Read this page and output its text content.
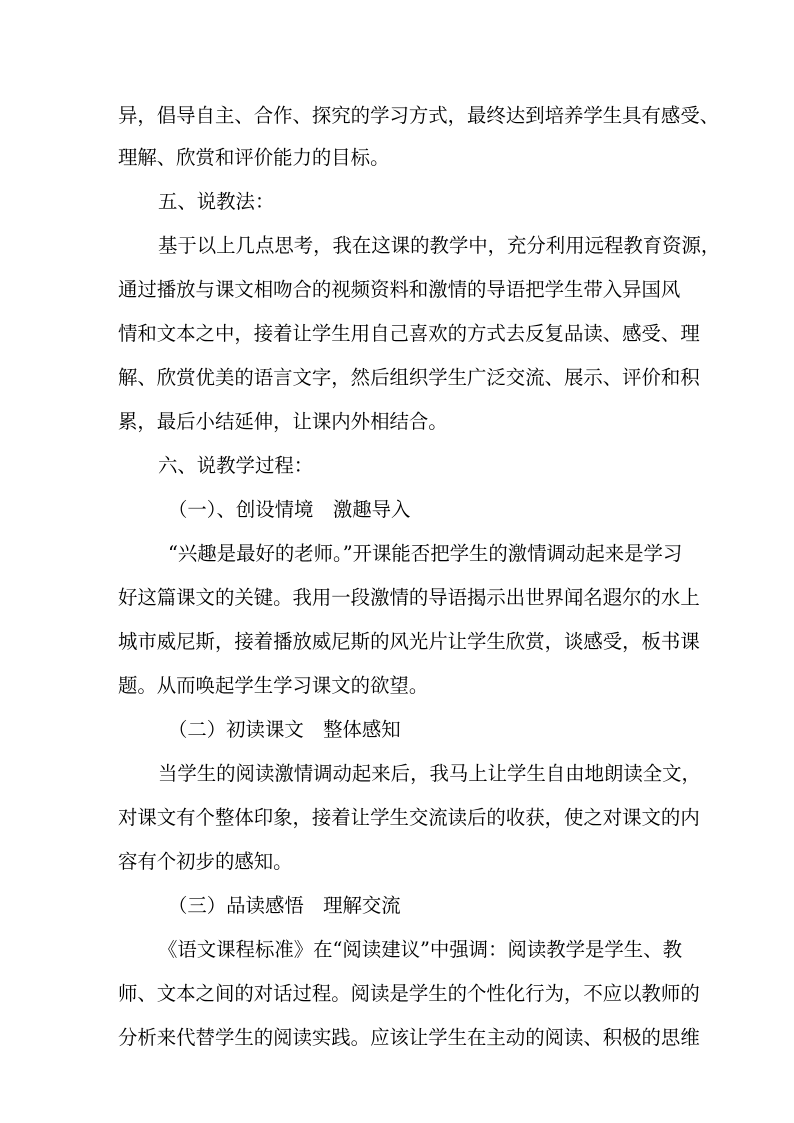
异，倡导自主、合作、探究的学习方式，最终达到培养学生具有感受、
理解、欣赏和评价能力的目标。
五、说教法：
基于以上几点思考，我在这课的教学中，充分利用远程教育资源，
通过播放与课文相吻合的视频资料和激情的导语把学生带入异国风
情和文本之中，接着让学生用自己喜欢的方式去反复品读、感受、理
解、欣赏优美的语言文字，然后组织学生广泛交流、展示、评价和积
累，最后小结延伸，让课内外相结合。
六、说教学过程：
（一）、创设情境　激趣导入
“兴趣是最好的老师。”开课能否把学生的激情调动起来是学习
好这篇课文的关键。我用一段激情的导语揭示出世界闻名遐尔的水上
城市威尼斯，接着播放威尼斯的风光片让学生欣赏，谈感受，板书课
题。从而唤起学生学习课文的欲望。
（二）初读课文　整体感知
当学生的阅读激情调动起来后，我马上让学生自由地朗读全文，
对课文有个整体印象，接着让学生交流读后的收获，使之对课文的内
容有个初步的感知。
（三）品读感悟　理解交流
《语文课程标准》在“阅读建议”中强调：阅读教学是学生、教
师、文本之间的对话过程。阅读是学生的个性化行为，不应以教师的
分析来代替学生的阅读实践。应该让学生在主动的阅读、积极的思维
